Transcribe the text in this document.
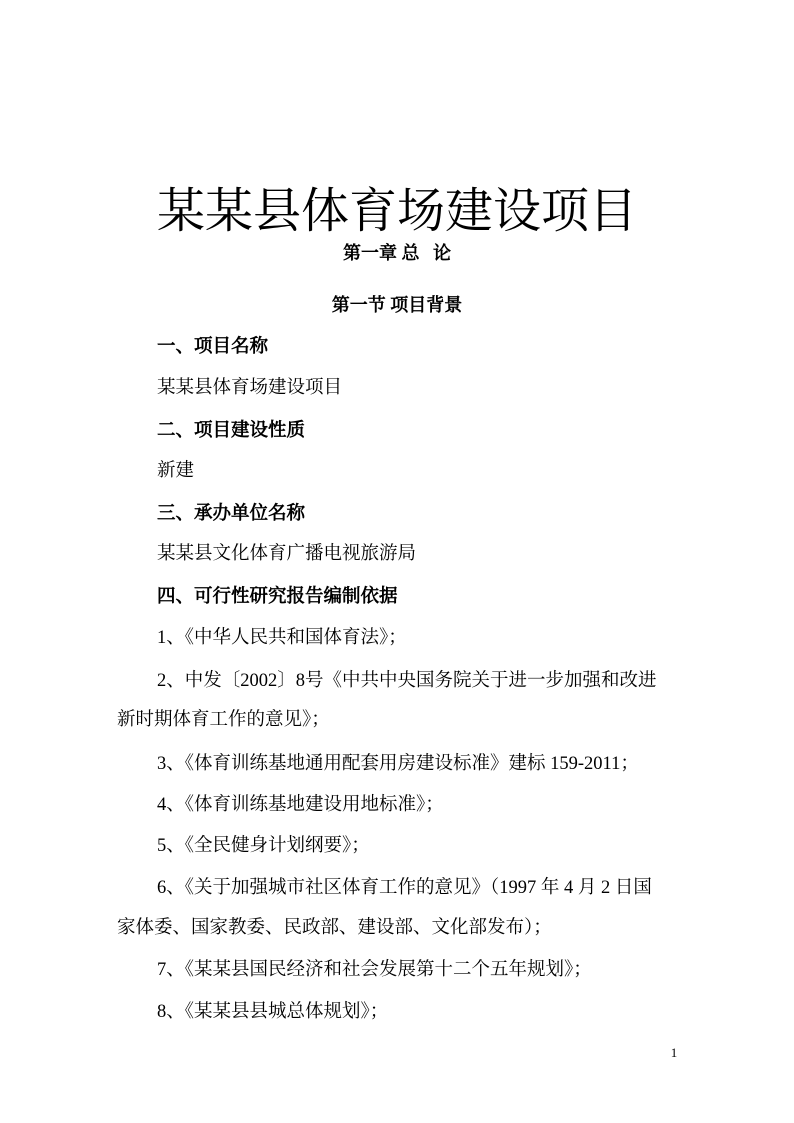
某某县体育场建设项目
第一章 总   论
第一节 项目背景
一、项目名称
某某县体育场建设项目
二、项目建设性质
新建
三、承办单位名称
某某县文化体育广播电视旅游局
四、可行性研究报告编制依据
1、《中华人民共和国体育法》；
2、中发〔2002〕8号《中共中央国务院关于进一步加强和改进
新时期体育工作的意见》；
3、《体育训练基地通用配套用房建设标准》建标 159-2011；
4、《体育训练基地建设用地标准》；
5、《全民健身计划纲要》；
6、《关于加强城市社区体育工作的意见》（1997 年 4 月 2 日国
家体委、国家教委、民政部、建设部、文化部发布）；
7、《某某县国民经济和社会发展第十二个五年规划》；
8、《某某县县城总体规划》；
1
